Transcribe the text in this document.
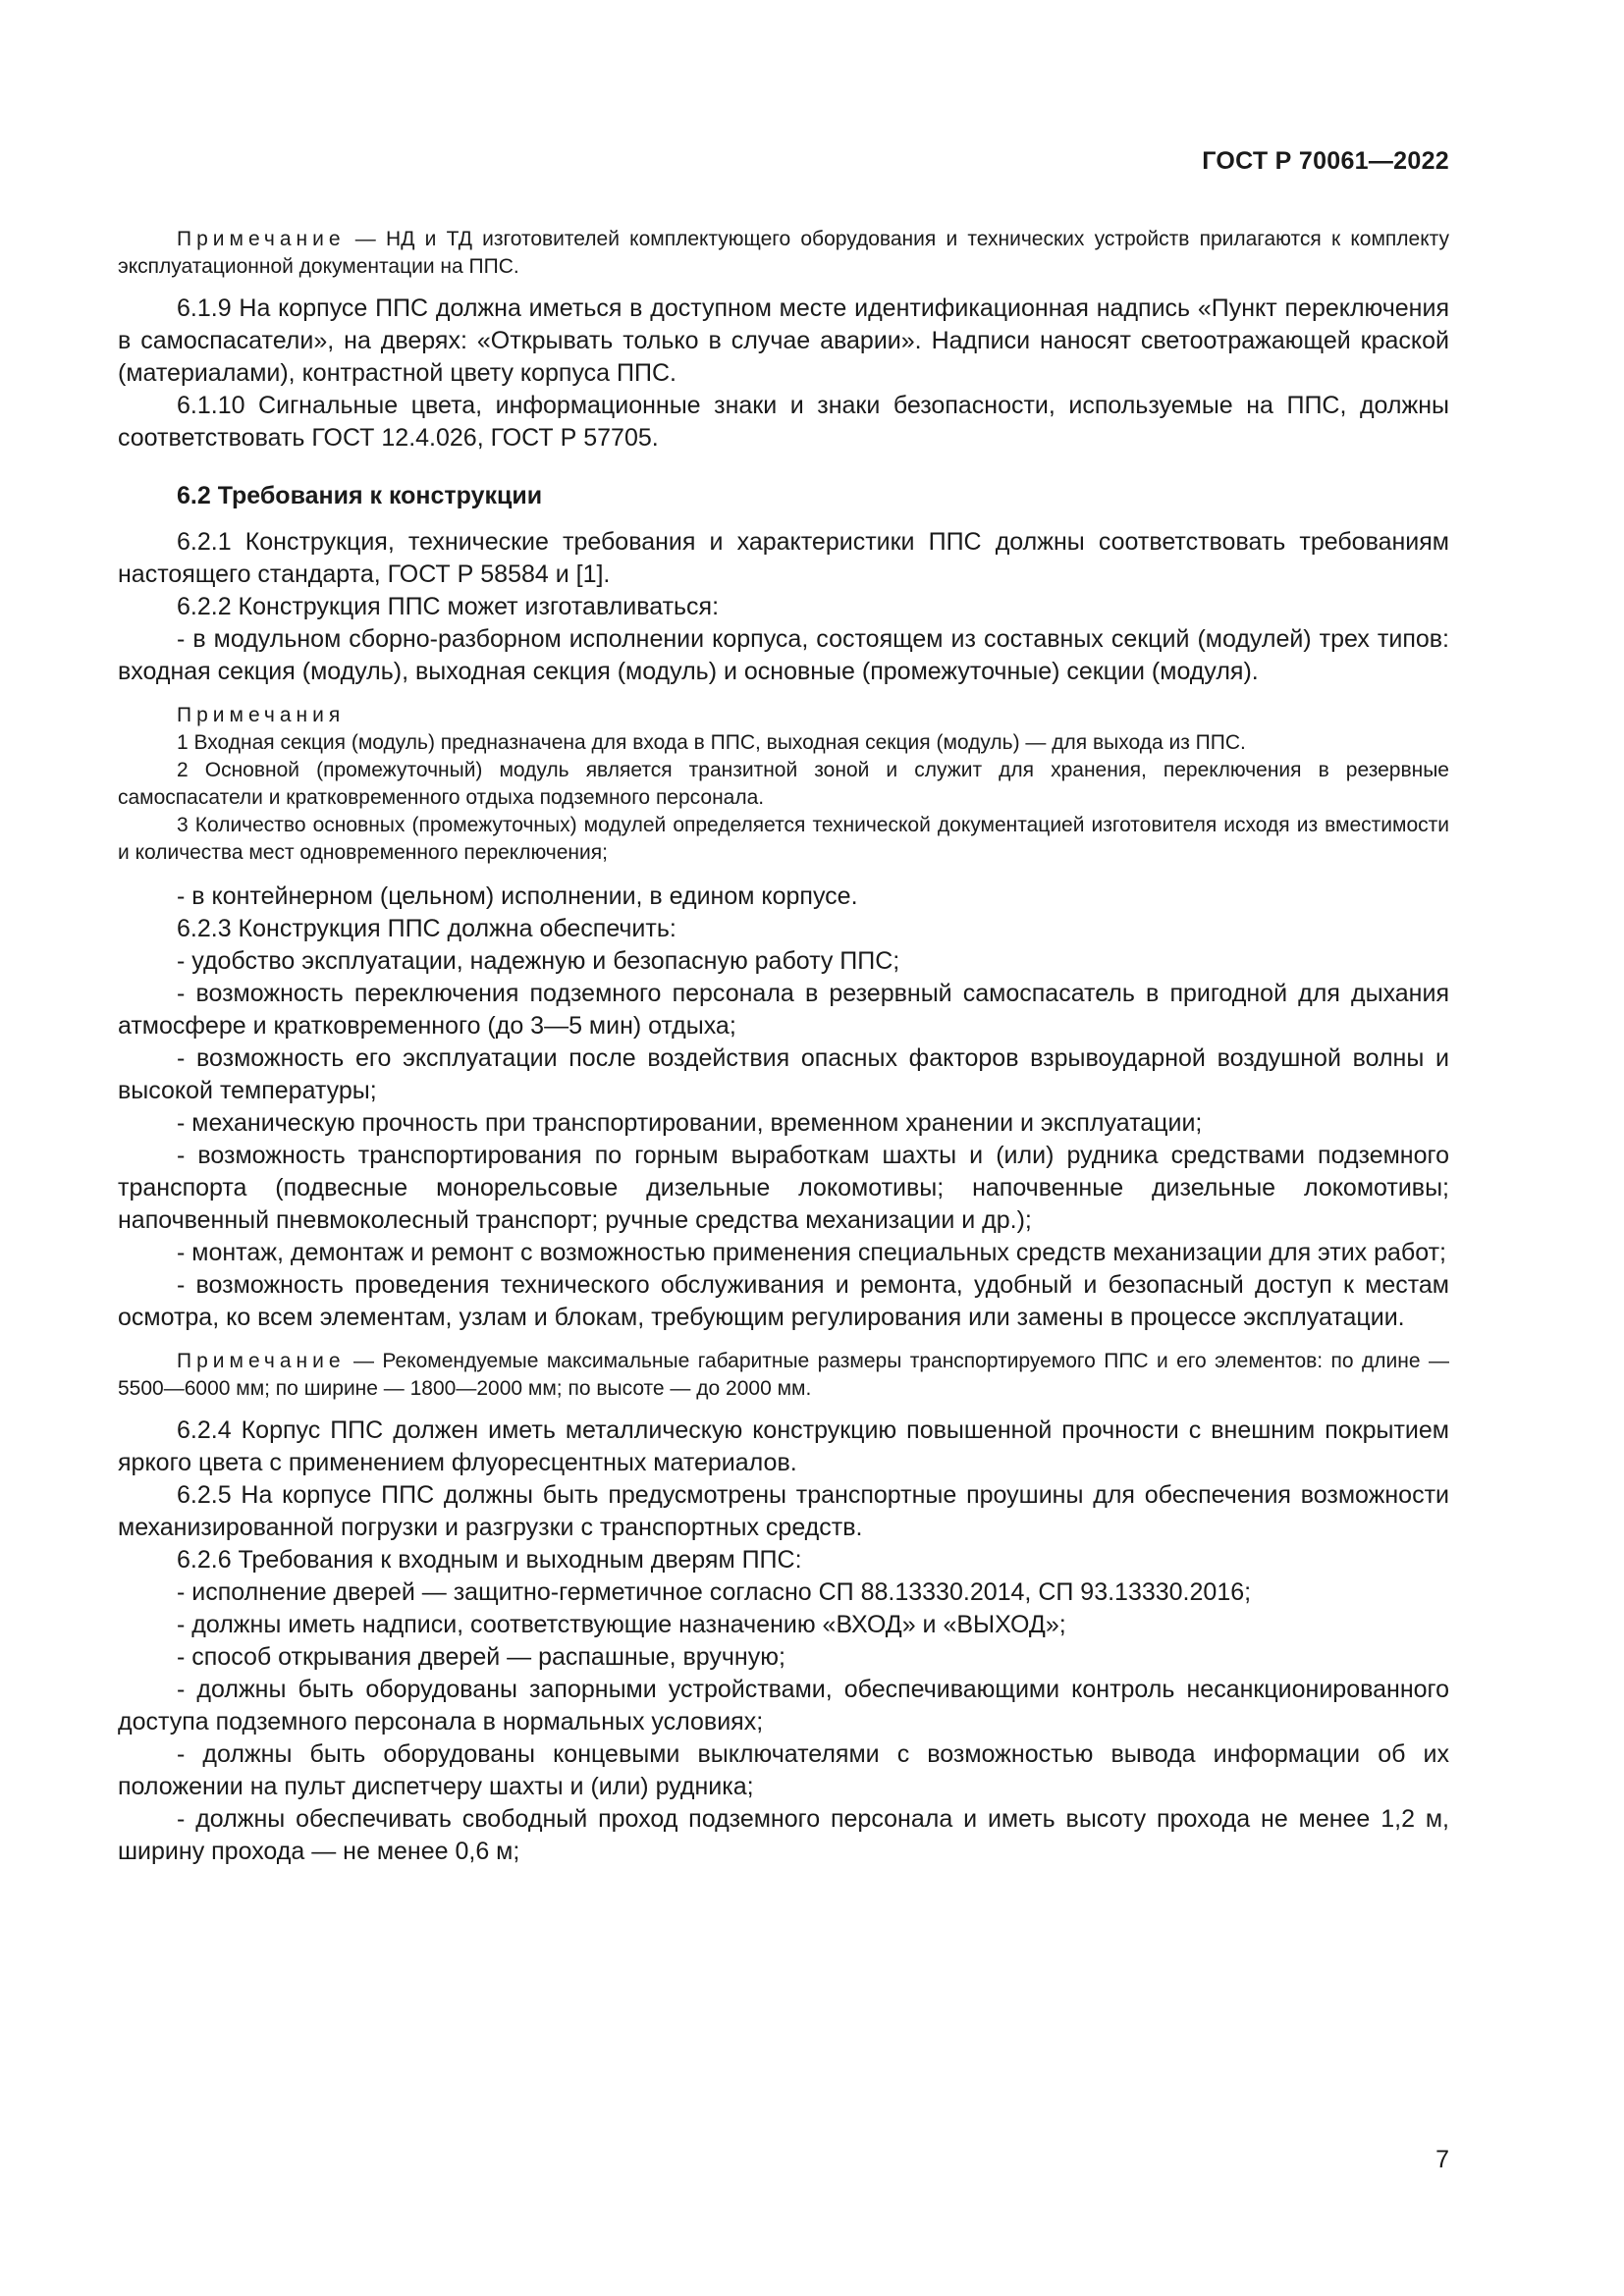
ГОСТ Р 70061—2022

Примечание — НД и ТД изготовителей комплектующего оборудования и технических устройств прилагаются к комплекту эксплуатационной документации на ППС.

6.1.9 На корпусе ППС должна иметься в доступном месте идентификационная надпись «Пункт переключения в самоспасатели», на дверях: «Открывать только в случае аварии». Надписи наносят светоотражающей краской (материалами), контрастной цвету корпуса ППС.

6.1.10 Сигнальные цвета, информационные знаки и знаки безопасности, используемые на ППС, должны соответствовать ГОСТ 12.4.026, ГОСТ Р 57705.

6.2 Требования к конструкции

6.2.1 Конструкция, технические требования и характеристики ППС должны соответствовать требованиям настоящего стандарта, ГОСТ Р 58584 и [1].

6.2.2 Конструкция ППС может изготавливаться:

- в модульном сборно-разборном исполнении корпуса, состоящем из составных секций (модулей) трех типов: входная секция (модуль), выходная секция (модуль) и основные (промежуточные) секции (модуля).

Примечания

1 Входная секция (модуль) предназначена для входа в ППС, выходная секция (модуль) — для выхода из ППС.

2 Основной (промежуточный) модуль является транзитной зоной и служит для хранения, переключения в резервные самоспасатели и кратковременного отдыха подземного персонала.

3 Количество основных (промежуточных) модулей определяется технической документацией изготовителя исходя из вместимости и количества мест одновременного переключения;

- в контейнерном (цельном) исполнении, в едином корпусе.

6.2.3 Конструкция ППС должна обеспечить:

- удобство эксплуатации, надежную и безопасную работу ППС;

- возможность переключения подземного персонала в резервный самоспасатель в пригодной для дыхания атмосфере и кратковременного (до 3—5 мин) отдыха;

- возможность его эксплуатации после воздействия опасных факторов взрывоударной воздушной волны и высокой температуры;

- механическую прочность при транспортировании, временном хранении и эксплуатации;

- возможность транспортирования по горным выработкам шахты и (или) рудника средствами подземного транспорта (подвесные монорельсовые дизельные локомотивы; напочвенные дизельные локомотивы; напочвенный пневмоколесный транспорт; ручные средства механизации и др.);

- монтаж, демонтаж и ремонт с возможностью применения специальных средств механизации для этих работ;

- возможность проведения технического обслуживания и ремонта, удобный и безопасный доступ к местам осмотра, ко всем элементам, узлам и блокам, требующим регулирования или замены в процессе эксплуатации.

Примечание — Рекомендуемые максимальные габаритные размеры транспортируемого ППС и его элементов: по длине — 5500—6000 мм; по ширине — 1800—2000 мм; по высоте — до 2000 мм.

6.2.4 Корпус ППС должен иметь металлическую конструкцию повышенной прочности с внешним покрытием яркого цвета с применением флуоресцентных материалов.

6.2.5 На корпусе ППС должны быть предусмотрены транспортные проушины для обеспечения возможности механизированной погрузки и разгрузки с транспортных средств.

6.2.6 Требования к входным и выходным дверям ППС:

- исполнение дверей — защитно-герметичное согласно СП 88.13330.2014, СП 93.13330.2016;

- должны иметь надписи, соответствующие назначению «ВХОД» и «ВЫХОД»;

- способ открывания дверей — распашные, вручную;

- должны быть оборудованы запорными устройствами, обеспечивающими контроль несанкционированного доступа подземного персонала в нормальных условиях;

- должны быть оборудованы концевыми выключателями с возможностью вывода информации об их положении на пульт диспетчеру шахты и (или) рудника;

- должны обеспечивать свободный проход подземного персонала и иметь высоту прохода не менее 1,2 м, ширину прохода — не менее 0,6 м;

7
